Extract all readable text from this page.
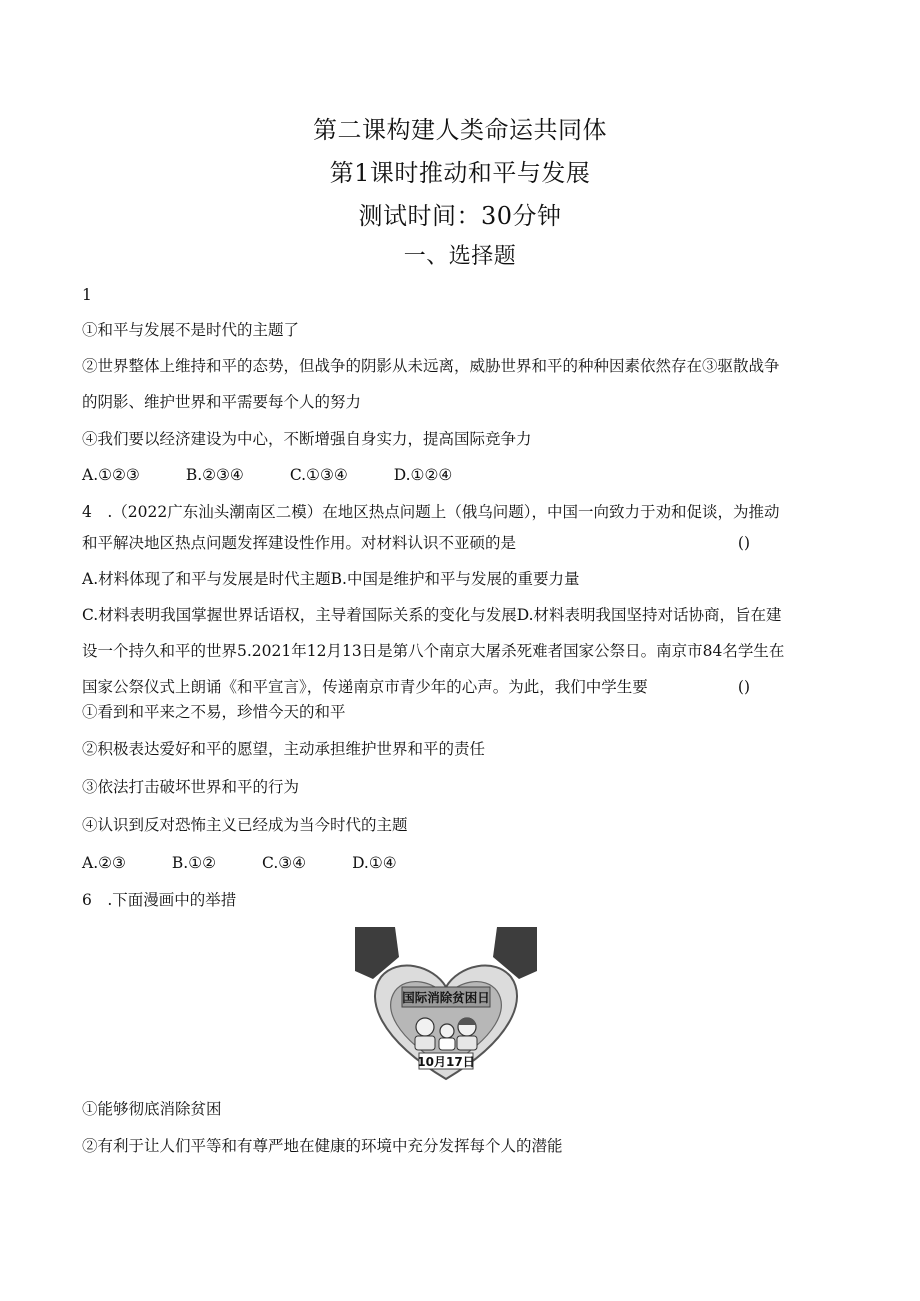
第二课构建人类命运共同体
第1课时推动和平与发展
测试时间：30分钟
一、选择题
1
①和平与发展不是时代的主题了
②世界整体上维持和平的态势，但战争的阴影从未远离，威胁世界和平的种种因素依然存在③驱散战争
的阴影、维护世界和平需要每个人的努力
④我们要以经济建设为中心，不断增强自身实力，提高国际竞争力
A.①②③	B.②③④	C.①③④	D.①②④
4　.（2022广东汕头潮南区二模）在地区热点问题上（俄乌问题），中国一向致力于劝和促谈，为推动
和平解决地区热点问题发挥建设性作用。对材料认识不亚硕的是	()
A.材料体现了和平与发展是时代主题B.中国是维护和平与发展的重要力量
C.材料表明我国掌握世界话语权，主导着国际关系的变化与发展D.材料表明我国坚持对话协商，旨在建
设一个持久和平的世界5.2021年12月13日是第八个南京大屠杀死难者国家公祭日。南京市84名学生在
国家公祭仪式上朗诵《和平宣言》，传递南京市青少年的心声。为此，我们中学生要	()
①看到和平来之不易，珍惜今天的和平
②积极表达爱好和平的愿望，主动承担维护世界和平的责任
③依法打击破坏世界和平的行为
④认识到反对恐怖主义已经成为当今时代的主题
A.②③	B.①②	C.③④	D.①④
6　.下面漫画中的举措
国际消除贫困日
10月17日
①能够彻底消除贫困
②有利于让人们平等和有尊严地在健康的环境中充分发挥每个人的潜能
